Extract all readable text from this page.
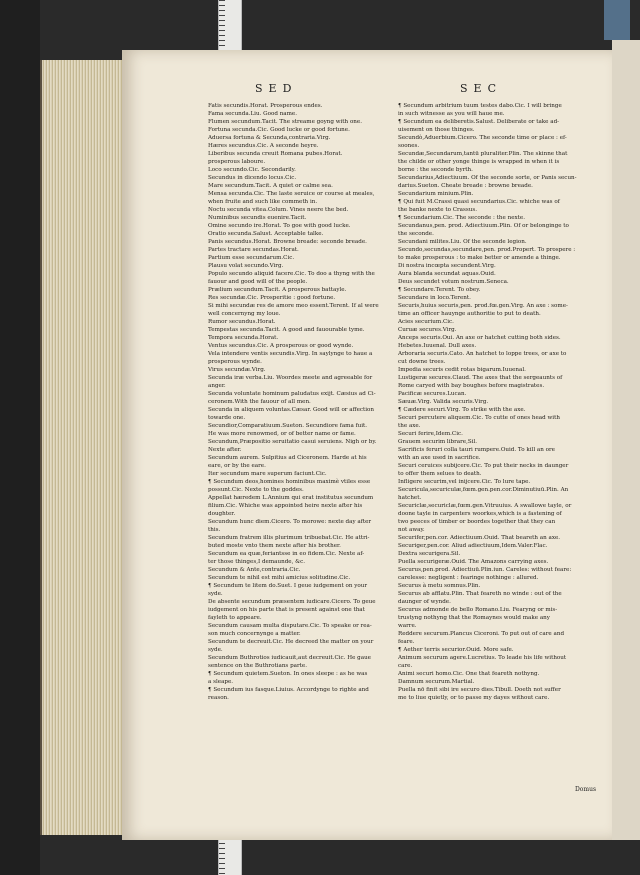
SED	SEC
Fatis secundis.Horat. Prosperous endes.
Fama secunda.Liu. Good name.
Flumen secundum.Tacit. The streame goyng with one.
Fortuna secunda.Cic. Good lucke or good fortune.
Aduersa fortuna & Secunda,contraria.Virg.
Hæres secundus.Cic. A seconde heyre.
Liberibus secunda creuit Romana pubes.Horat.
prosperous laboure.
Loco secundo.Cic. Secondarily.
Secundus in dicendo locus.Cic.
Mare secundum.Tacit. A quiet or calme sea.
Mensa secunda.Cic. The laste seruice or course at meales,
when fruite and such like commeth in.
Noctu secunda vitea.Colum. Vines neere the bed.
Numinibus secundis euenire.Tacit.
Omine secundo ire.Horat. To goe with good lucke.
Oratio secunda.Salust. Acceptable talke.
Panis secundus.Horat. Browne breade: seconde breade.
Partes tractare secundas.Horat.
Partium esse secundarum.Cic.
Plausu volat secundo.Virg.
Populo secundo aliquid facere.Cic. To doo a thyng with the
fauour and good will of the people.
Prælium secundum.Tacit. A prosperous battayle.
Res secundæ.Cic. Prosperitie : good fortune.
Si mihi secundæ res de amore meo essent.Terent. If al were
well concernyng my loue.
Rumor secundus.Horat.
Tempestas secunda.Tacit. A good and fauourable tyme.
Tempora secunda.Horat.
Ventus secundus.Cic. A prosperous or good wynde.
Vela intendere ventis secundis.Virg. In saylynge to haue a
prosperous wynde.
Virus secundæ.Virg.
Secunda iræ verba.Liu. Woordes meete and agreeable for
anger.
Secunda voluntate hominum paludatus exijt. Cæsius ad Ci-
ceronem.With the fauour of all men.
Secunda in aliquem voluntas.Cæsar. Good will or affection
towarde one.
Secundior,Comparatiuum.Sueton. Secundiore fama fuit.
He was more renowmed, or of better name or fame.
Secundum,Præpositio seruitatio casui seruiens. Nigh or by.
Nexte after.
Secundum aurem. Sulpitius ad Ciceronem. Harde at his
eare, or by the eare.
Iter secundum mare superum faciunt.Cic.
¶ Secundum deos,homines hominibus maximè vtiles esse
possunt.Cic. Nexte to the goddes.
Appellat hæredem L.Annium qui erat institutus secundum
filium.Cic. Whiche was appointed heire nexte after his
doughter.
Secundum hunc diem.Cicero. To morowe: nexte day after
this.
Secundum fratrem illis plurimum tribuebat.Cic. He attri-
buted moste vnto them nexte after his brother.
Secundum ea quæ,feriantsse in eo fidem.Cic. Nexte af-
ter those thinges,I demaunde, &c.
Secundum & Ante,contraria.Cic.
Secundum te nihil est mihi amicius solitudine.Cic.
¶ Secundum te litem do.Suet. I geue iudgement on your
syde.
De absente secundum præsentem iudicare.Cicero. To geue
iudgement on his parte that is present against one that
fayleth to appeare.
Secundum causam multa disputare.Cic. To speake or rea-
son much concernynge a matter.
Secundum te decreuit.Cic. He decreed the matter on your
syde.
Secundum Buthrotios iudicauit,aut decreuit.Cic. He gaue
sentence on the Buthrotians parte.
¶ Secundum quietem.Sueton. In ones sleepe : as he was
a sleape.
¶ Secundum ius fasque.Liuius. Accordynge to righte and
reason.
¶ Secundum arbitrium tuum testes dabo.Cic. I will bringe
in such witnesse as you will haue me.
¶ Secundum ea deliberetis.Salust. Deliberate or take ad-
uisement on those thinges.
Secundò,Aduerbium.Cicero. The seconde time or place : ef-
soones.
Secundæ,Secundarum,tantū pluraliter.Plin. The skinne that
the childe or other yonge thinge is wrapped in when it is
borne : the seconde byrth.
Secundarius,Adiectiuum. Of the seconde sorte, or Panis secun-
darius.Sueton. Cheate breade : browne breade.
Secundarium minium.Plin.
¶ Qui fuit M.Crassi quasi secundarius.Cic. whiche was of
the banke nexte to Crassus.
¶ Secundarium.Cic. The seconde : the nexte.
Secundanus,pen. prod. Adiectiuum.Plin. Of or belonginge to
the seconde.
Secundani milites.Liu. Of the seconde legion.
Secundo,secundas,secundare,pen. prod.Propert. To prospere :
to make prosperous : to make better or amende a thinge.
Di nostra incœpta secundent.Virg.
Aura blanda secundat aquas.Ouid.
Deus secundet votum nostrum.Seneca.
¶ Secundare.Terent. To obey.
Secundare in loco.Terent.
Securis,huius securis,pen. prod.fœ.gen.Virg. An axe : some-
time an officer hauynge authoritie to put to death.
Acies securium.Cic.
Curuæ secures.Virg.
Anceps securis.Oui. An axe or hatchet cutting both sides.
Hebetes.Iuuenal. Dull axes.
Arboraria securis.Cato. An hatchet to loppe trees, or axe to
cut downe trees.
Impedia securis cedit rotas bigarum.Iuuenal.
Lustigeræ secures.Claud. The axes that the sergeaunts of
Rome caryed with bay boughes before magistrates.
Pacificæ secures.Lucan.
Sæuæ.Virg. Valida securis.Virg.
¶ Cædere securi.Virg. To strike with the axe.
Securi percutere aliquem.Cic. To cutte of ones head with
the axe.
Securi ferire,Idem.Cic.
Grauem securim librare,Sil.
Sacrificis feruri colla tauri rumpere.Ouid. To kill an ore
with an axe used in sacrifice.
Securi ceruices subijcere.Cic. To put their necks in daunger
to offer them selues to death.
Infligere securim,vel inijcere.Cic. To lure tape.
Securicula,securiculæ,fœm.gen.pen.cor.Diminutiuū.Plin. An
hatchet.
Securiclæ,securiclæ,fœm.gen.Vitruuius. A swallowe tayle, or
doone tayle in carpenters woorkes,which is a fastening of
two peeces of timber or boordes together that they can
not away.
Securifer,pen.cor. Adiectiuum.Ouid. That beareth an axe.
Securiger,pen.cor. Aliud adiectiuum,Idem.Valer.Flac.
Dextra securigera.Sil.
Puella securigeræ.Ouid. The Amazons carrying axes.
Securus,pen.prod. Adiectiuū.Plin.iun. Careles: without feare:
carelesse: negligent : fearinge nothinge : allured.
Securus à metu somnus.Plin.
Securus ab afflatu.Plin. That feareth no winde : out of the
daunger of wynde.
Securus admonde de bello Romano.Liu. Fearyng or mis-
trustyng nothyng that the Romaynes would make any
warre.
Reddere securum.Plancus Ciceroni. To put out of care and
feare.
¶ Aether terris securior.Ouid. More safe.
Animum securum agere.Lucretius. To leade his life without
care.
Animi securi homo.Cic. One that feareth nothyng.
Damnum securum.Martial.
Puella nō finit sibi ire securo dies.Tibull. Doeth not suffer
me to liue quietly, or to passe my dayes without care.
Domus
